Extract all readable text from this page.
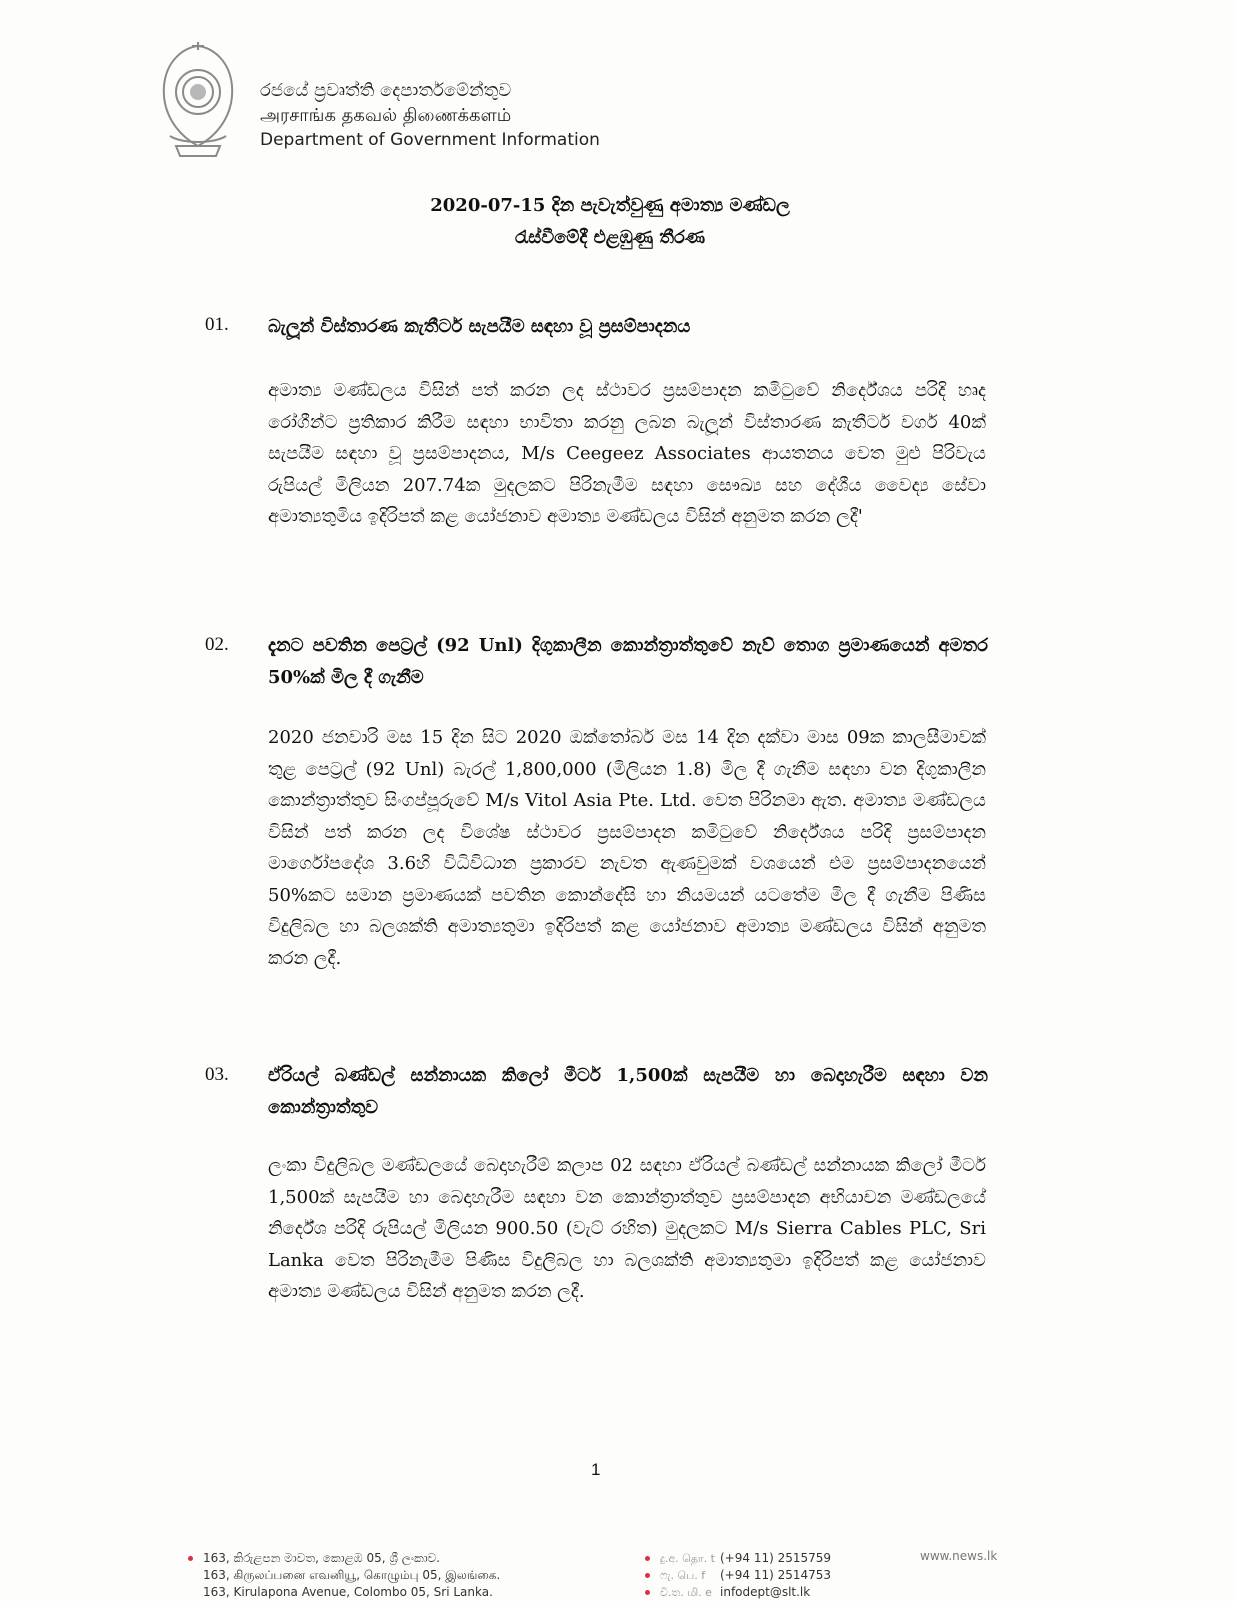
රජයේ ප්‍රවෘත්ති දෙපාර්තමේන්තුව
அரசாங்க தகவல் திணைக்களம்
Department of Government Information
2020-07-15 දින පැවැත්වුණු අමාත්‍ය මණ්ඩල
රැස්වීමේදී එළඹුණු තීරණ
01. බැලූන් විස්තාරණ කැතීටර් සැපයීම සඳහා වූ ප්‍රසම්පාදනය
අමාත්‍ය මණ්ඩලය විසින් පත් කරන ලද ස්ථාවර ප්‍රසම්පාදන කමිටුවේ නිර්දේශය පරිදි හෘද රෝගීන්ට ප්‍රතිකාර කිරීම සඳහා භාවිතා කරනු ලබන බැලූන් විස්තාරණ කැතීටර් වර්ග 40ක් සැපයීම සඳහා වූ ප්‍රසම්පාදනය, M/s Ceegeez Associates ආයතනය වෙත මුළු පිරිවැය රුපියල් මිලියන 207.74ක මුදලකට පිරිනැමීම සඳහා සෞඛ්‍ය සහ දේශීය වෛද්‍ය සේවා අමාත්‍යතුමිය ඉදිරිපත් කළ යෝජනාව අමාත්‍ය මණ්ඩලය විසින් අනුමත කරන ලදී'
02. දැනට පවතින පෙට්‍රල් (92 Unl) දිගුකාලීන කොන්ත්‍රාත්තුවේ නැව් තොග ප්‍රමාණයෙන් අමතර 50%ක් මිල දී ගැනීම
2020 ජනවාරි මස 15 දින සිට 2020 ඔක්තෝබර් මස 14 දින දක්වා මාස 09ක කාලසීමාවක් තුළ පෙට්‍රල් (92 Unl) බැරල් 1,800,000 (මිලියන 1.8) මිල දී ගැනීම සඳහා වන දිගුකාලීන කොන්ත්‍රාත්තුව සිංගප්පූරුවේ M/s Vitol Asia Pte. Ltd. වෙත පිරිනමා ඇත. අමාත්‍ය මණ්ඩලය විසින් පත් කරන ලද විශේෂ ස්ථාවර ප්‍රසම්පාදන කමිටුවේ නිර්දේශය පරිදි ප්‍රසම්පාදන මාර්ගෝපදේශ 3.6හි විධිවිධාන ප්‍රකාරව නැවත ඇණවුමක් වශයෙන් එම ප්‍රසම්පාදනයෙන් 50%කට සමාන ප්‍රමාණයක් පවතින කොන්දේසි හා නියමයන් යටතේම මිල දී ගැනීම පිණිස විදුලිබල හා බලශක්ති අමාත්‍යතුමා ඉදිරිපත් කළ යෝජනාව අමාත්‍ය මණ්ඩලය විසින් අනුමත කරන ලදී.
03. ඒරියල් බණ්ඩල් සන්නායක කිලෝ මීටර් 1,500ක් සැපයීම හා බෙදාහැරීම සඳහා වන කොන්ත්‍රාත්තුව
ලංකා විදුලිබල මණ්ඩලයේ බෙදාහැරීම් කලාප 02 සඳහා ඒරියල් බණ්ඩල් සන්නායක කිලෝ මීටර් 1,500ක් සැපයීම හා බෙදාහැරීම සඳහා වන කොන්ත්‍රාත්තුව ප්‍රසම්පාදන අභියාචන මණ්ඩලයේ නිර්දේශ පරිදි රුපියල් මිලියන 900.50 (වැට් රහිත) මුදලකට M/s Sierra Cables PLC, Sri Lanka වෙත පිරිනැමීම පිණිස විදුලිබල හා බලශක්ති අමාත්‍යතුමා ඉදිරිපත් කළ යෝජනාව අමාත්‍ය මණ්ඩලය විසින් අනුමත කරන ලදී.
1
163, කිරුළපන මාවත, කොළඹ 05, ශ්‍රී ලංකාව.
163, கிருலப்பனை எவனியூ, கொழும்பு 05, இலங்கை.
163, Kirulapona Avenue, Colombo 05, Sri Lanka.
දු.අ. தொ. t (+94 11) 2515759
ෆැ. பெ. f	(+94 11) 2514753
වි.ත. மி. e infodept@slt.lk
www.news.lk
